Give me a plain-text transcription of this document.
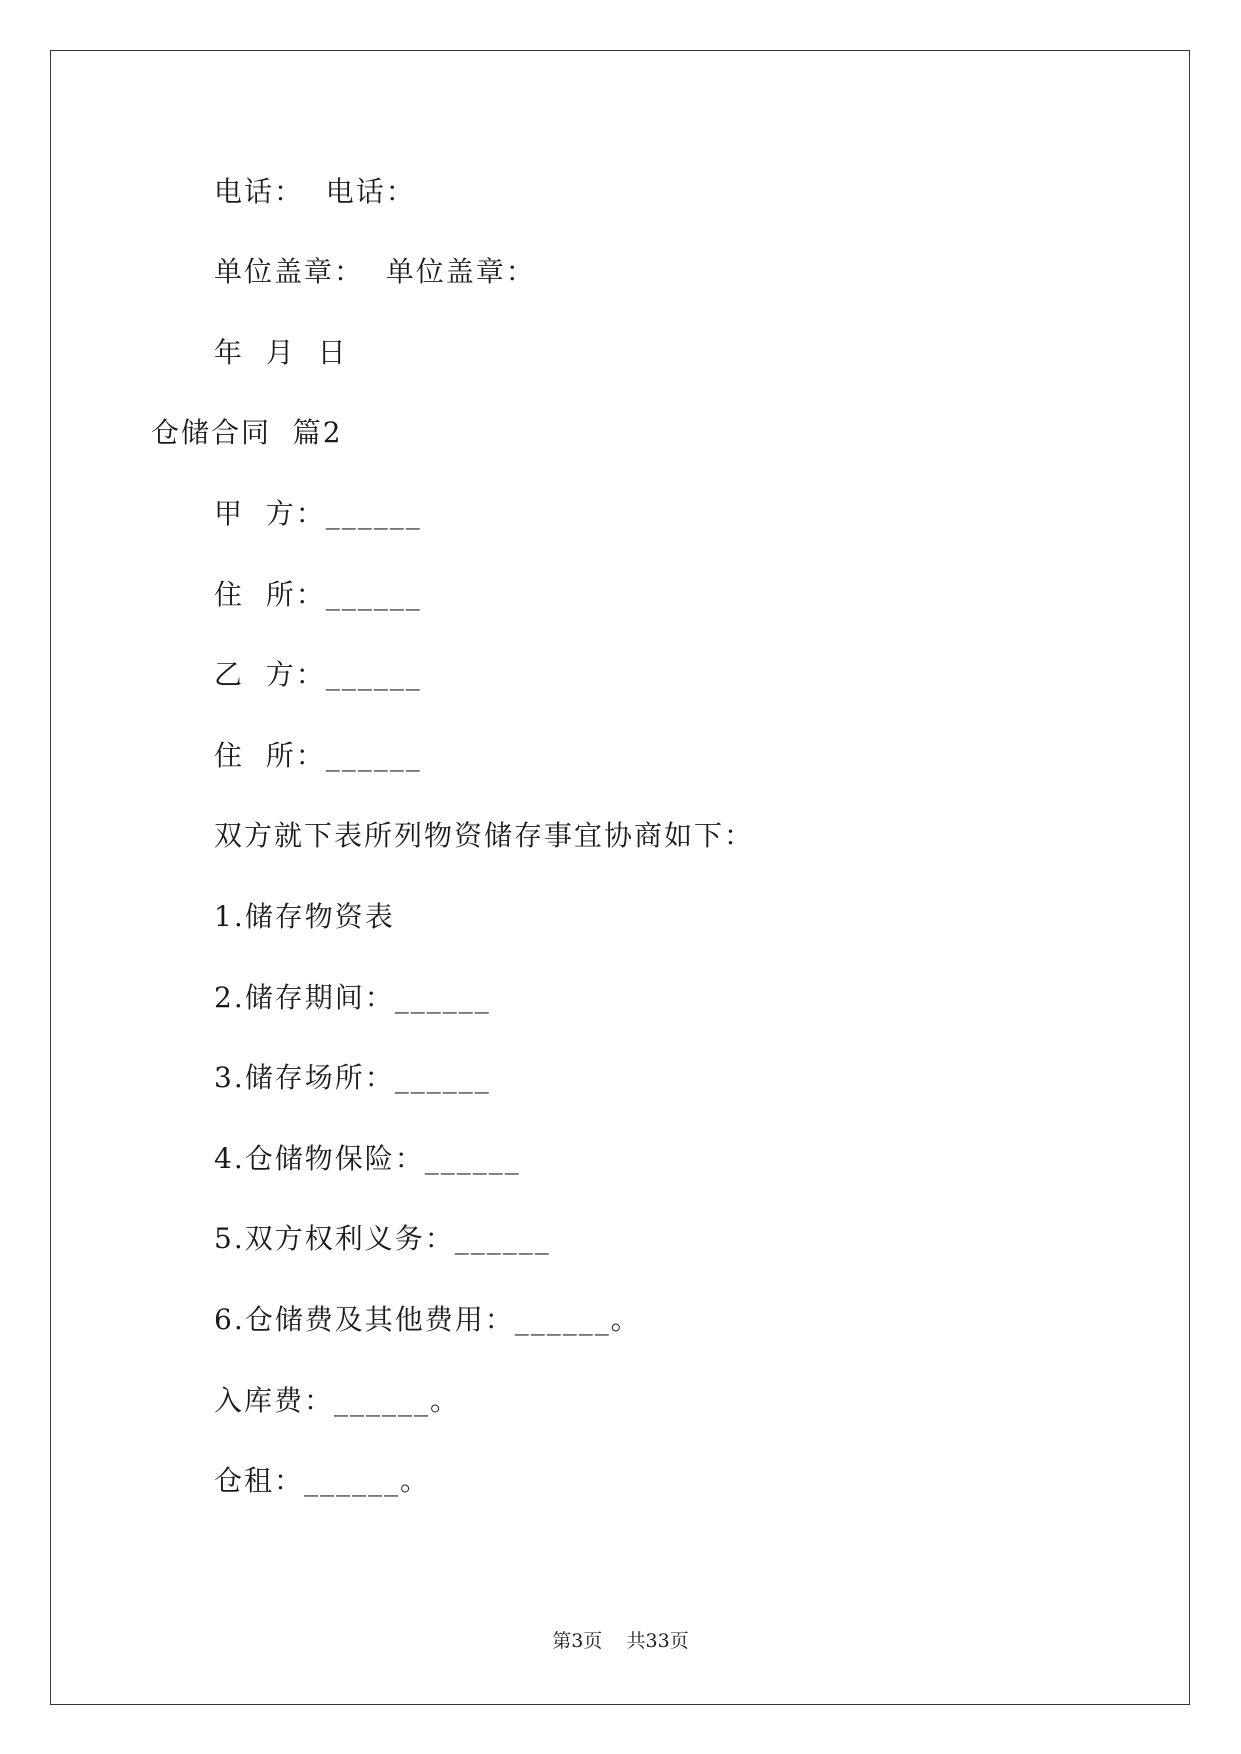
电话：  电话：
单位盖章：  单位盖章：
年  月  日
仓储合同  篇2
甲  方：______
住  所：______
乙  方：______
住  所：______
双方就下表所列物资储存事宜协商如下：
1.储存物资表
2.储存期间：______
3.储存场所：______
4.仓储物保险：______
5.双方权利义务：______
6.仓储费及其他费用：______。
入库费：______。
仓租：______。
第3页    共33页
